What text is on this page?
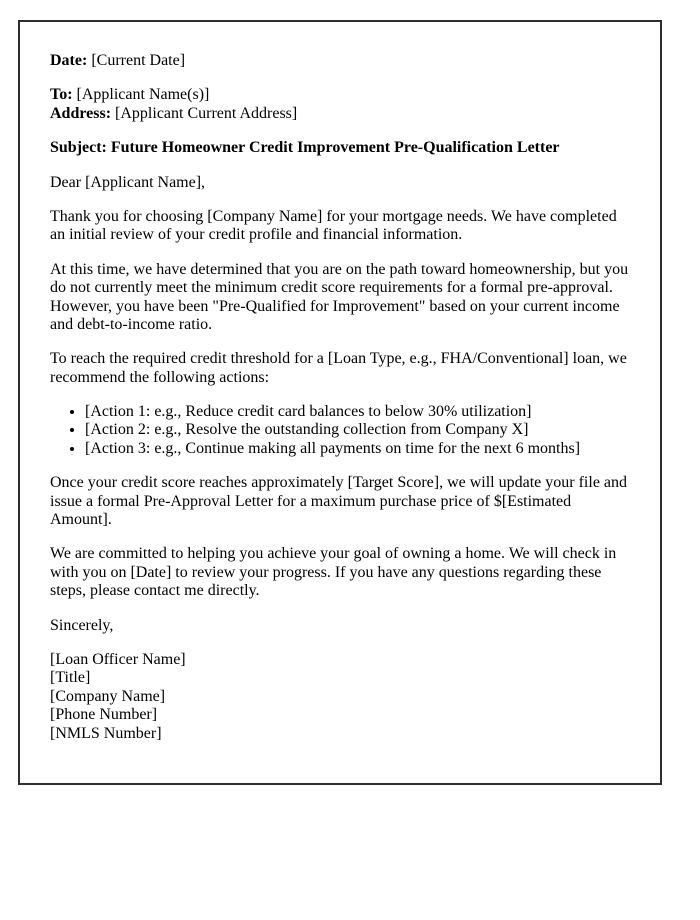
Date: [Current Date]

To: [Applicant Name(s)]
Address: [Applicant Current Address]

Subject: Future Homeowner Credit Improvement Pre-Qualification Letter

Dear [Applicant Name],

Thank you for choosing [Company Name] for your mortgage needs. We have completed an initial review of your credit profile and financial information.

At this time, we have determined that you are on the path toward homeownership, but you do not currently meet the minimum credit score requirements for a formal pre-approval. However, you have been "Pre-Qualified for Improvement" based on your current income and debt-to-income ratio.

To reach the required credit threshold for a [Loan Type, e.g., FHA/Conventional] loan, we recommend the following actions:

• [Action 1: e.g., Reduce credit card balances to below 30% utilization]
• [Action 2: e.g., Resolve the outstanding collection from Company X]
• [Action 3: e.g., Continue making all payments on time for the next 6 months]

Once your credit score reaches approximately [Target Score], we will update your file and issue a formal Pre-Approval Letter for a maximum purchase price of $[Estimated Amount].

We are committed to helping you achieve your goal of owning a home. We will check in with you on [Date] to review your progress. If you have any questions regarding these steps, please contact me directly.

Sincerely,

[Loan Officer Name]
[Title]
[Company Name]
[Phone Number]
[NMLS Number]
